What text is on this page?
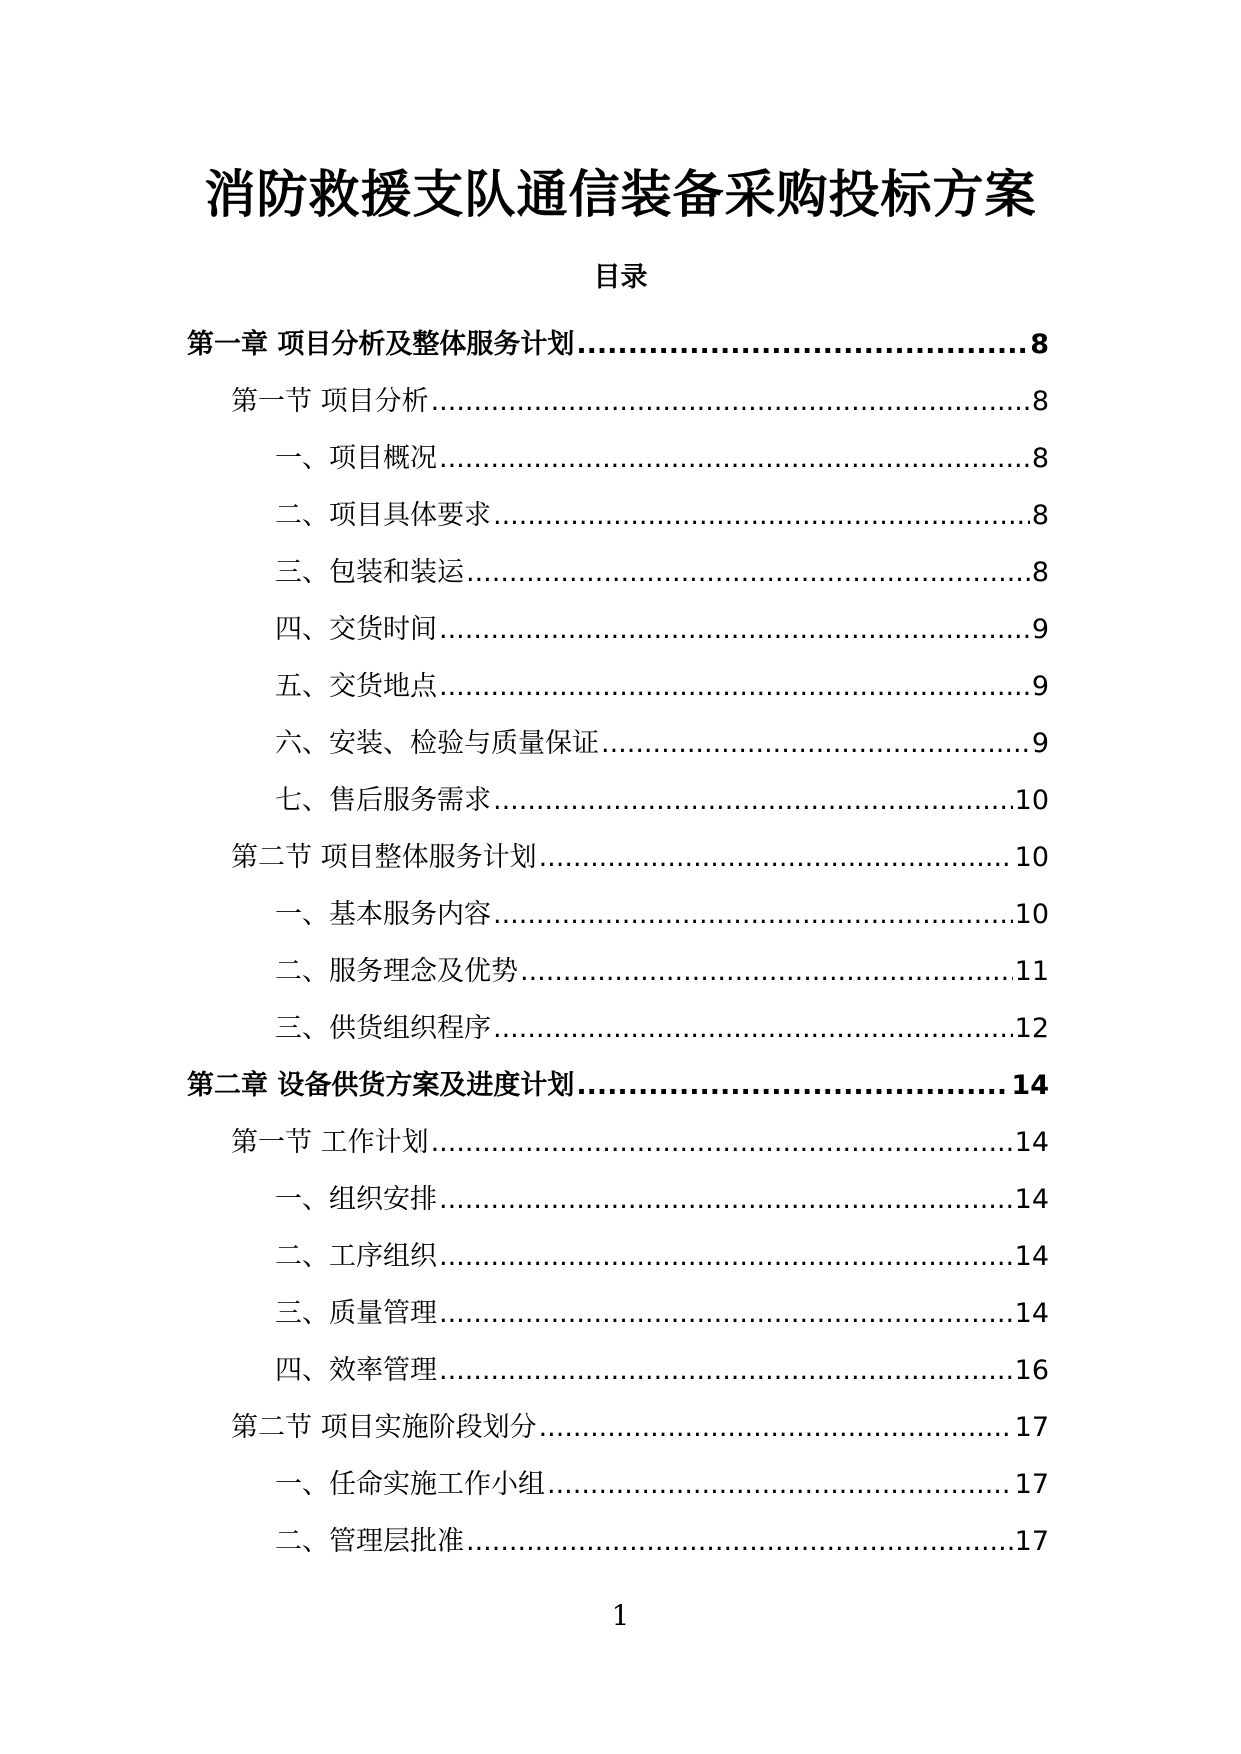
消防救援支队通信装备采购投标方案
目录
第一章 项目分析及整体服务计划 .....	8
第一节 项目分析 .....	8
一、项目概况 .....	8
二、项目具体要求 .....	8
三、包装和装运 .....	8
四、交货时间 .....	9
五、交货地点 .....	9
六、安装、检验与质量保证 .....	9
七、售后服务需求 .....	10
第二节 项目整体服务计划 .....	10
一、基本服务内容 .....	10
二、服务理念及优势 .....	11
三、供货组织程序 .....	12
第二章 设备供货方案及进度计划 .....	14
第一节 工作计划 .....	14
一、组织安排 .....	14
二、工序组织 .....	14
三、质量管理 .....	14
四、效率管理 .....	16
第二节 项目实施阶段划分 .....	17
一、任命实施工作小组 .....	17
二、管理层批准 .....	17
1
